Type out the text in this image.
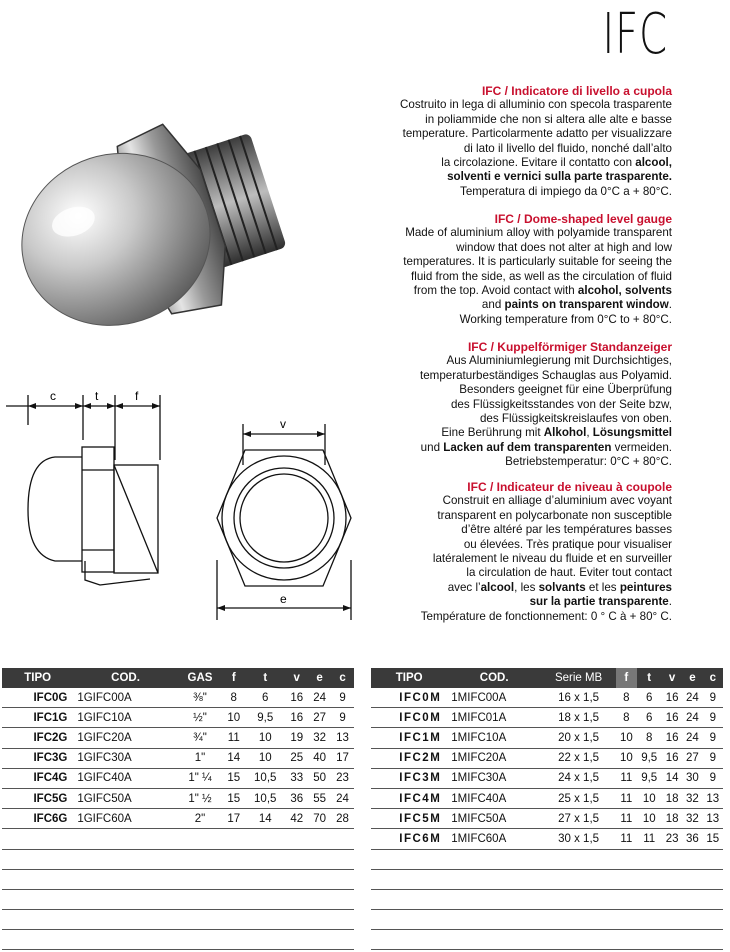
IFC
IFC / Indicatore di livello a cupola
Costruito in lega di alluminio con specola trasparente
in poliammide che non si altera alle alte e basse
temperature. Particolarmente adatto per visualizzare
di lato il livello del fluido, nonché dall’alto
la circolazione. Evitare il contatto con alcool,
solventi e vernici sulla parte trasparente.
Temperatura di impiego da 0°C a + 80°C.
IFC / Dome-shaped level gauge
Made of aluminium alloy with polyamide transparent
window that does not alter at high and low
temperatures. It is particularly suitable for seeing the
fluid from the side, as well as the circulation of fluid
from the top. Avoid contact with alcohol, solvents
and paints on transparent window.
Working temperature from 0°C to + 80°C.
IFC / Kuppelförmiger Standanzeiger
Aus Aluminiumlegierung mit Durchsichtiges,
temperaturbeständiges Schauglas aus Polyamid.
Besonders geeignet für eine Überprüfung
des Flüssigkeitsstandes von der Seite bzw,
des Flüssigkeitskreislaufes von oben.
Eine Berührung mit Alkohol, Lösungsmittel
und Lacken auf dem transparenten vermeiden.
Betriebstemperatur: 0°C + 80°C.
IFC / Indicateur de niveau à coupole
Construit en alliage d’aluminium avec voyant
transparent en polycarbonate non susceptible
d’être altéré par les températures basses
ou élevées. Très pratique pour visualiser
latéralement le niveau du fluide et en surveiller
la circulation de haut. Eviter tout contact
avec l’alcool, les solvants et les peintures
sur la partie transparente.
Température de fonctionnement: 0 ° C à + 80° C.
c	t	f
v
e
TIPO	COD.	GAS	f	t	v	e	c
IFC0G	1GIFC00A	⅜"	8	6	16	24	9
IFC1G	1GIFC10A	½"	10	9,5	16	27	9
IFC2G	1GIFC20A	¾"	11	10	19	32	13
IFC3G	1GIFC30A	1"	14	10	25	40	17
IFC4G	1GIFC40A	1" ¼	15	10,5	33	50	23
IFC5G	1GIFC50A	1" ½	15	10,5	36	55	24
IFC6G	1GIFC60A	2"	17	14	42	70	28

TIPO	COD.	Serie MB	f	t	v	e	c
IFC0M	1MIFC00A	16 x 1,5	8	6	16	24	9
IFC0M	1MIFC01A	18 x 1,5	8	6	16	24	9
IFC1M	1MIFC10A	20 x 1,5	10	8	16	24	9
IFC2M	1MIFC20A	22 x 1,5	10	9,5	16	27	9
IFC3M	1MIFC30A	24 x 1,5	11	9,5	14	30	9
IFC4M	1MIFC40A	25 x 1,5	11	10	18	32	13
IFC5M	1MIFC50A	27 x 1,5	11	10	18	32	13
IFC6M	1MIFC60A	30 x 1,5	11	11	23	36	15
